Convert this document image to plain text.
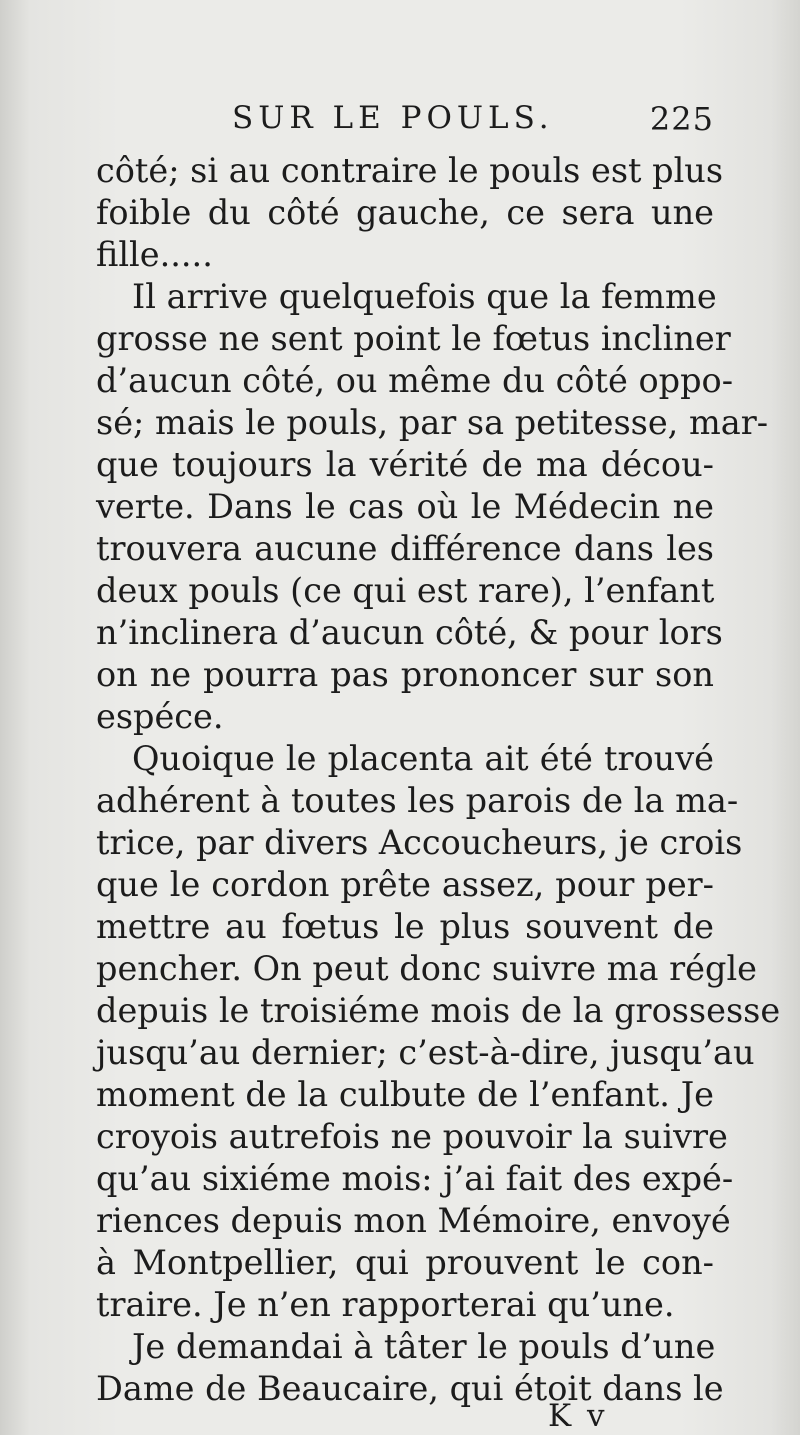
SUR LE POULS.	225
côté; si au contraire le pouls est plus
foible du côté gauche, ce sera une
fille.....
Il arrive quelquefois que la femme
grosse ne sent point le fœtus incliner
d’aucun côté, ou même du côté oppo-
sé; mais le pouls, par sa petitesse, mar-
que toujours la vérité de ma décou-
verte. Dans le cas où le Médecin ne
trouvera aucune différence dans les
deux pouls (ce qui est rare), l’enfant
n’inclinera d’aucun côté, & pour lors
on ne pourra pas prononcer sur son
espéce.
Quoique le placenta ait été trouvé
adhérent à toutes les parois de la ma-
trice, par divers Accoucheurs, je crois
que le cordon prête assez, pour per-
mettre au fœtus le plus souvent de
pencher. On peut donc suivre ma régle
depuis le troisiéme mois de la grossesse
jusqu’au dernier; c’est-à-dire, jusqu’au
moment de la culbute de l’enfant. Je
croyois autrefois ne pouvoir la suivre
qu’au sixiéme mois: j’ai fait des expé-
riences depuis mon Mémoire, envoyé
à Montpellier, qui prouvent le con-
traire. Je n’en rapporterai qu’une.
Je demandai à tâter le pouls d’une
Dame de Beaucaire, qui étoit dans le
K v
